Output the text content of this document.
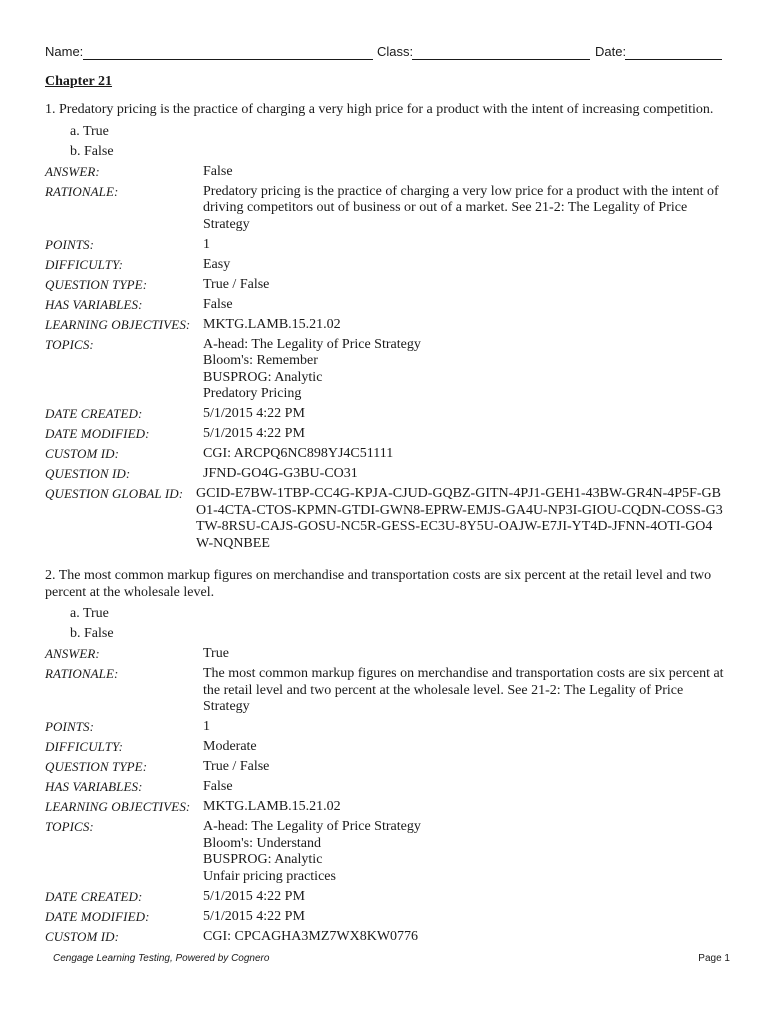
Name:	Class:	Date:
Chapter 21
1. Predatory pricing is the practice of charging a very high price for a product with the intent of increasing competition.
a. True
b. False
ANSWER:	False
RATIONALE:	Predatory pricing is the practice of charging a very low price for a product with the intent of driving competitors out of business or out of a market. See 21-2: The Legality of Price Strategy
POINTS:	1
DIFFICULTY:	Easy
QUESTION TYPE:	True / False
HAS VARIABLES:	False
LEARNING OBJECTIVES: MKTG.LAMB.15.21.02
TOPICS:	A-head: The Legality of Price Strategy
Bloom's: Remember
BUSPROG: Analytic
Predatory Pricing
DATE CREATED:	5/1/2015 4:22 PM
DATE MODIFIED:	5/1/2015 4:22 PM
CUSTOM ID:	CGI: ARCPQ6NC898YJ4C51111
QUESTION ID:	JFND-GO4G-G3BU-CO31
QUESTION GLOBAL ID: GCID-E7BW-1TBP-CC4G-KPJA-CJUD-GQBZ-GITN-4PJ1-GEH1-43BW-GR4N-4P5F-GBO1-4CTA-CTOS-KPMN-GTDI-GWN8-EPRW-EMJS-GA4U-NP3I-GIOU-CQDN-COSS-G3TW-8RSU-CAJS-GOSU-NC5R-GESS-EC3U-8Y5U-OAJW-E7JI-YT4D-JFNN-4OTI-GO4W-NQNBEE
2. The most common markup figures on merchandise and transportation costs are six percent at the retail level and two percent at the wholesale level.
a. True
b. False
ANSWER:	True
RATIONALE:	The most common markup figures on merchandise and transportation costs are six percent at the retail level and two percent at the wholesale level. See 21-2: The Legality of Price Strategy
POINTS:	1
DIFFICULTY:	Moderate
QUESTION TYPE:	True / False
HAS VARIABLES:	False
LEARNING OBJECTIVES: MKTG.LAMB.15.21.02
TOPICS:	A-head: The Legality of Price Strategy
Bloom's: Understand
BUSPROG: Analytic
Unfair pricing practices
DATE CREATED:	5/1/2015 4:22 PM
DATE MODIFIED:	5/1/2015 4:22 PM
CUSTOM ID:	CGI: CPCAGHA3MZ7WX8KW0776
Cengage Learning Testing, Powered by Cognero	Page 1
